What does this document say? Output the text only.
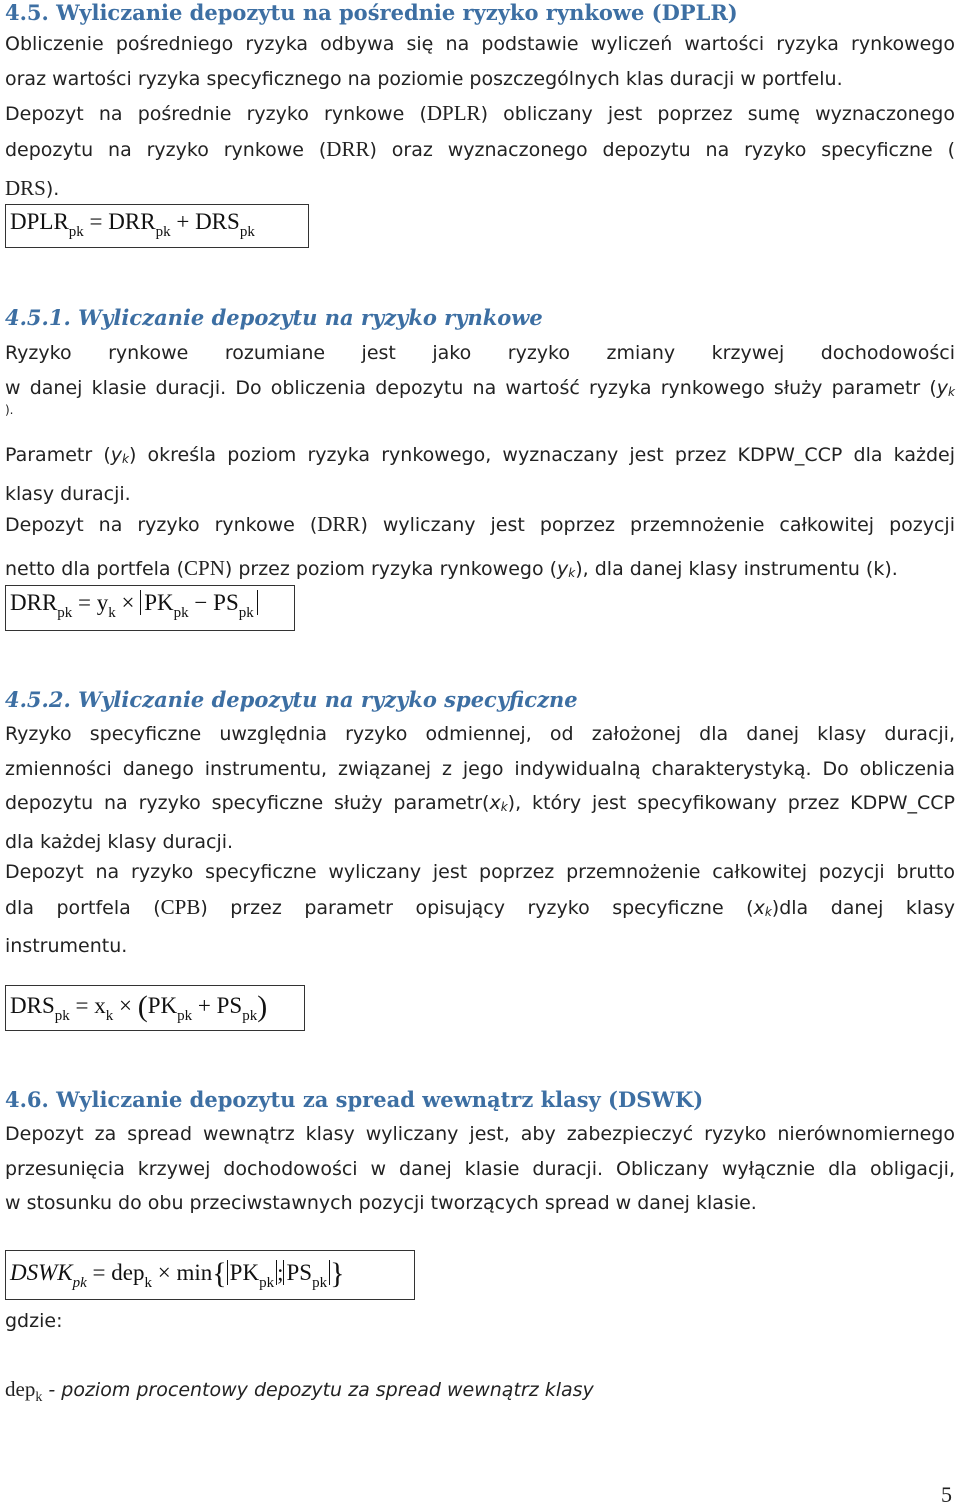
4.5. Wyliczanie depozytu na pośrednie ryzyko rynkowe (DPLR)
Obliczenie pośredniego ryzyka odbywa się na podstawie wyliczeń wartości ryzyka rynkowego
oraz wartości ryzyka specyficznego na poziomie poszczególnych klas duracji w portfelu.
Depozyt na pośrednie ryzyko rynkowe (DPLR) obliczany jest poprzez sumę wyznaczonego
depozytu na ryzyko rynkowe (DRR) oraz wyznaczonego depozytu na ryzyko specyficzne (
DRS).
$DPLR_{pk} = DRR_{pk} + DRS_{pk}$
4.5.1. Wyliczanie depozytu na ryzyko rynkowe
Ryzyko rynkowe rozumiane jest jako ryzyko zmiany krzywej dochodowości
w danej klasie duracji. Do obliczenia depozytu na wartość ryzyka rynkowego służy parametr (yk
).
Parametr (yk) określa poziom ryzyka rynkowego, wyznaczany jest przez KDPW_CCP dla każdej
klasy duracji.
Depozyt na ryzyko rynkowe (DRR) wyliczany jest poprzez przemnożenie całkowitej pozycji
netto dla portfela (CPN) przez poziom ryzyka rynkowego (yk), dla danej klasy instrumentu (k).
$DRR_{pk} = y_k \times PK_{pk} - PS_{pk}$
4.5.2. Wyliczanie depozytu na ryzyko specyficzne
Ryzyko specyficzne uwzględnia ryzyko odmiennej, od założonej dla danej klasy duracji,
zmienności danego instrumentu, związanej z jego indywidualną charakterystyką. Do obliczenia
depozytu na ryzyko specyficzne służy parametr(xk), który jest specyfikowany przez KDPW_CCP
dla każdej klasy duracji.
Depozyt na ryzyko specyficzne wyliczany jest poprzez przemnożenie całkowitej pozycji brutto
dla portfela (CPB) przez parametr opisujący ryzyko specyficzne (xk)dla danej klasy
instrumentu.
$DRS_{pk} = x_k \times (PK_{pk} + PS_{pk})$
4.6. Wyliczanie depozytu za spread wewnątrz klasy (DSWK)
Depozyt za spread wewnątrz klasy wyliczany jest, aby zabezpieczyć ryzyko nierównomiernego
przesunięcia krzywej dochodowości w danej klasie duracji. Obliczany wyłącznie dla obligacji,
w stosunku do obu przeciwstawnych pozycji tworzących spread w danej klasie.
$DSWK_{pk} = dep_k \times \min${ $PK_{pk}$ ; $PS_{pk}$ }
gdzie:
dep$_k$ - poziom procentowy depozytu za spread wewnątrz klasy
5
